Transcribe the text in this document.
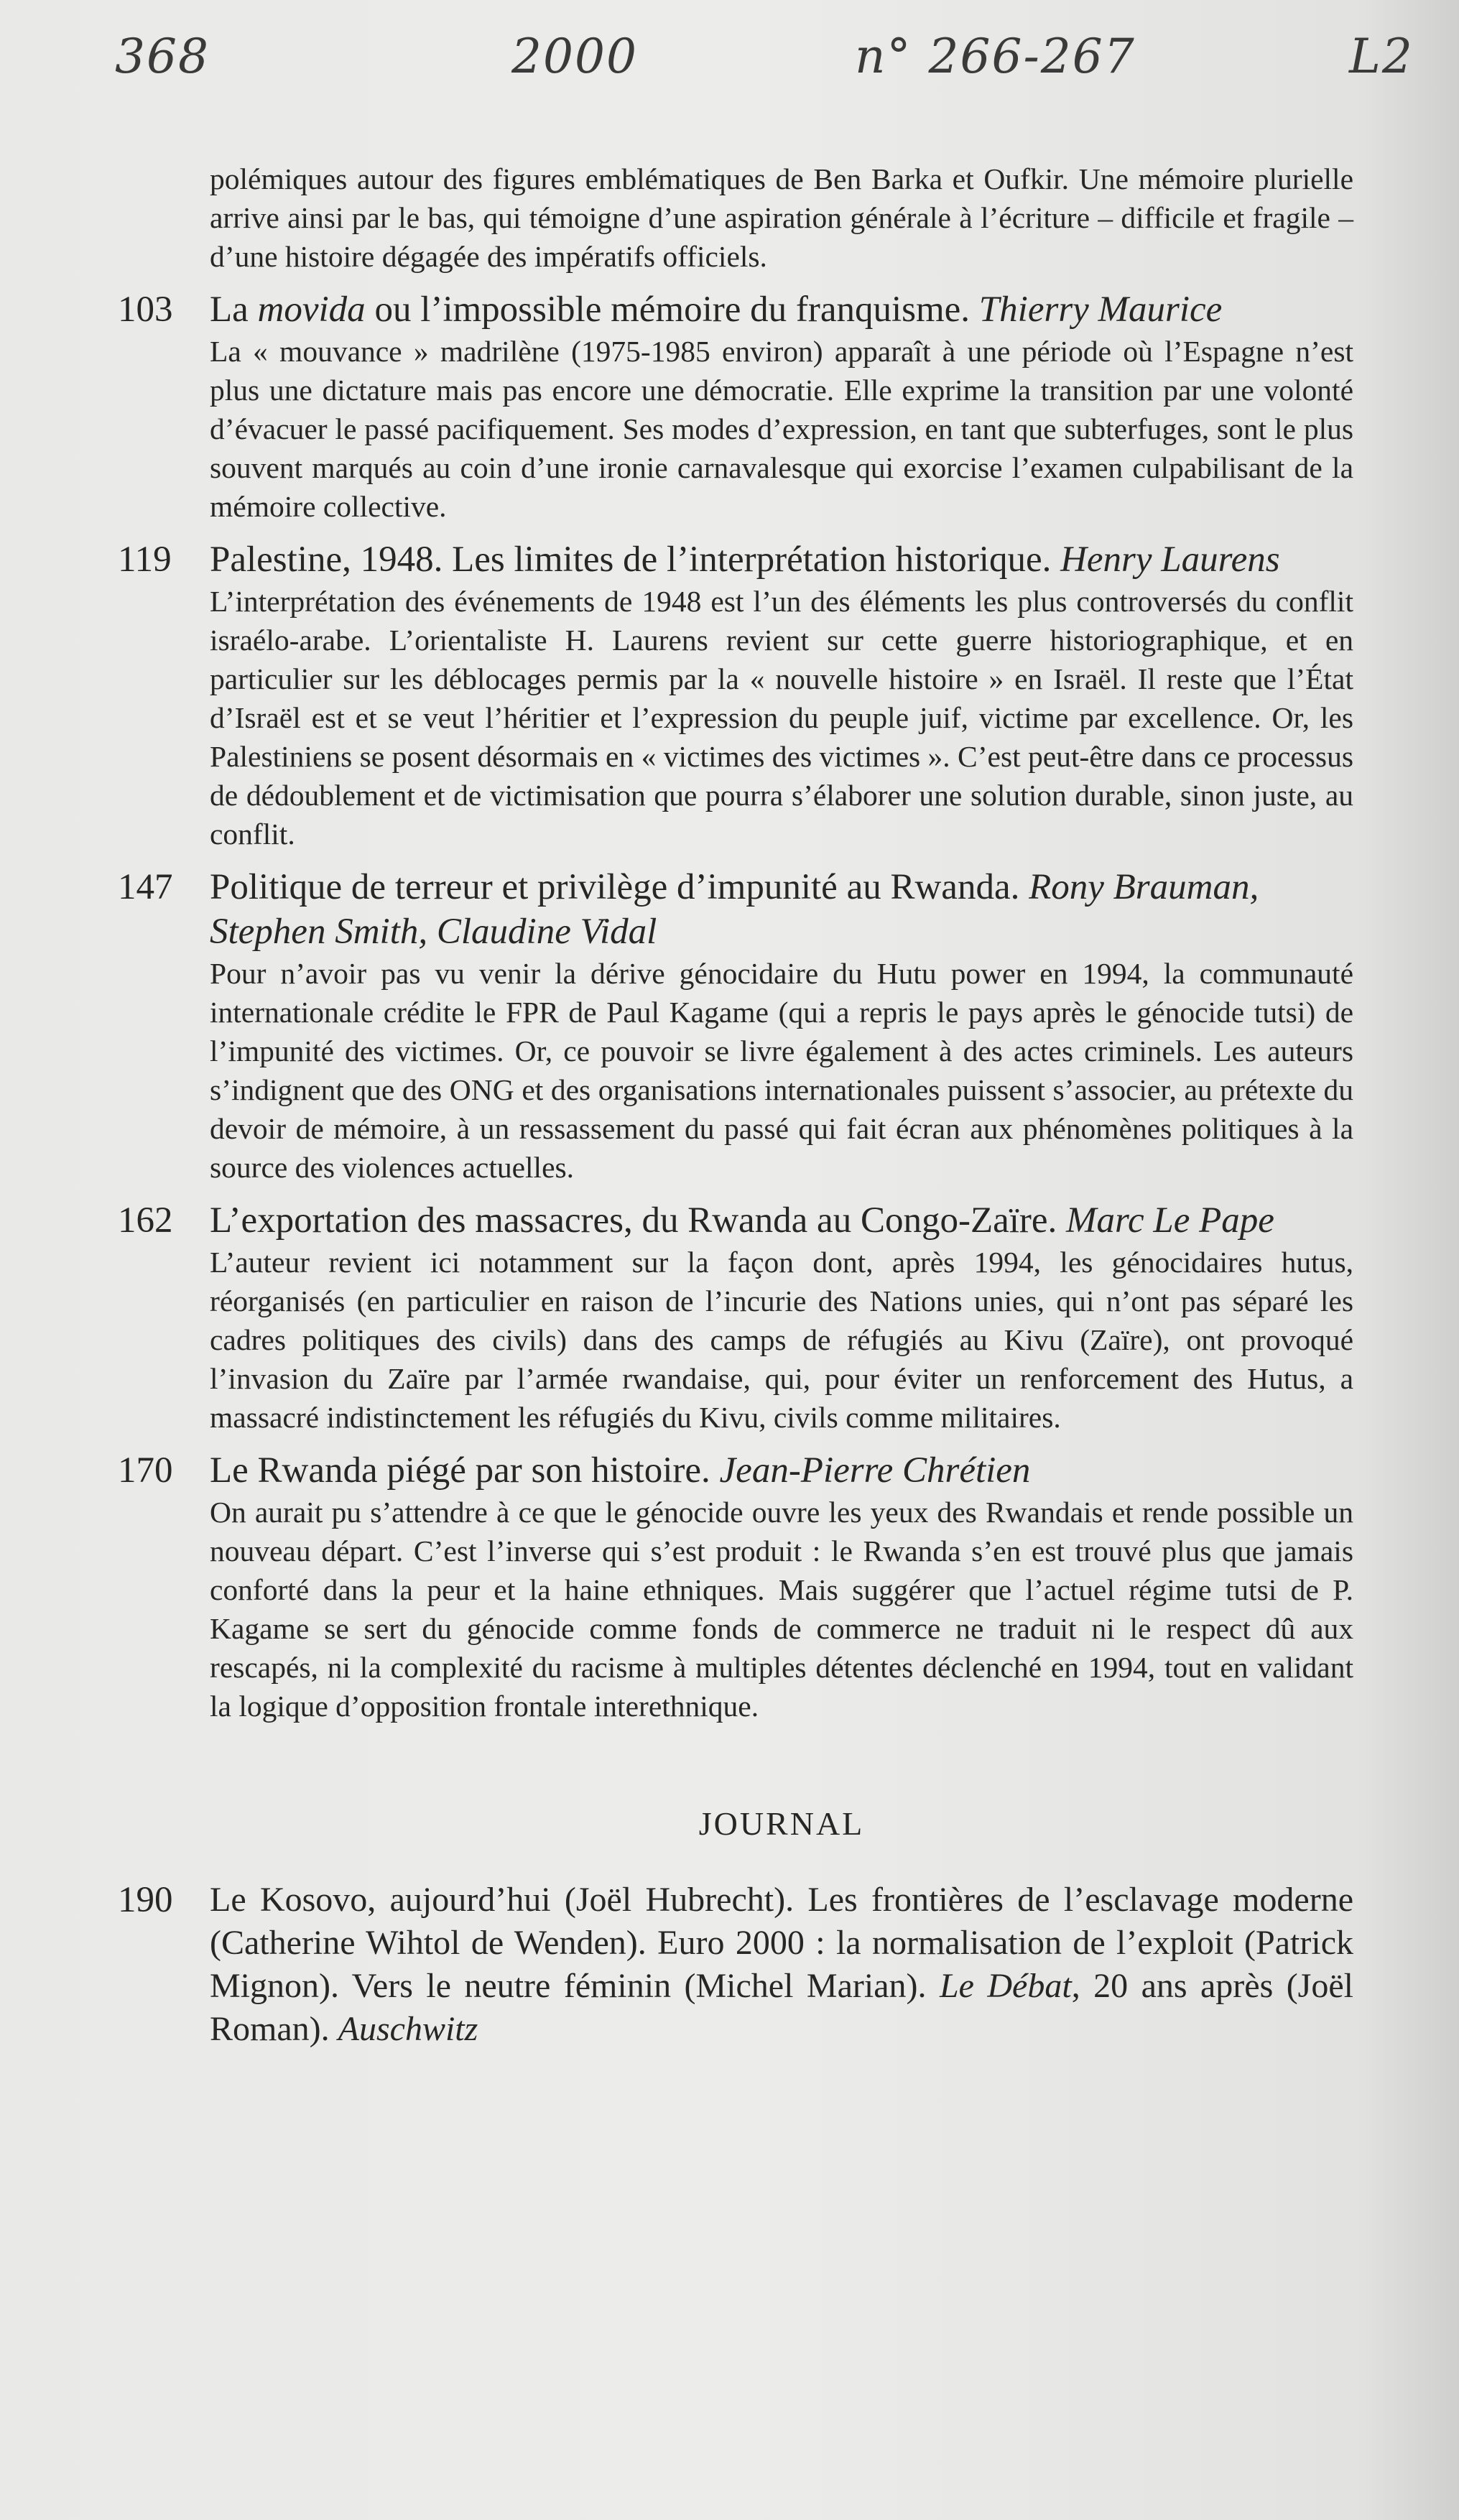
368	2000	n° 266-267	L2

polémiques autour des figures emblématiques de Ben Barka et Oufkir. Une mémoire plurielle arrive ainsi par le bas, qui témoigne d’une aspiration générale à l’écriture – difficile et fragile – d’une histoire dégagée des impératifs officiels.

103 La movida ou l’impossible mémoire du franquisme. Thierry Maurice
La « mouvance » madrilène (1975-1985 environ) apparaît à une période où l’Espagne n’est plus une dictature mais pas encore une démocratie. Elle exprime la transition par une volonté d’évacuer le passé pacifiquement. Ses modes d’expression, en tant que subterfuges, sont le plus souvent marqués au coin d’une ironie carnavalesque qui exorcise l’examen culpabilisant de la mémoire collective.
119 Palestine, 1948. Les limites de l’interprétation historique. Henry Laurens
L’interprétation des événements de 1948 est l’un des éléments les plus controversés du conflit israélo-arabe. L’orientaliste H. Laurens revient sur cette guerre historiographique, et en particulier sur les déblocages permis par la « nouvelle histoire » en Israël. Il reste que l’État d’Israël est et se veut l’héritier et l’expression du peuple juif, victime par excellence. Or, les Palestiniens se posent désormais en « victimes des victimes ». C’est peut-être dans ce processus de dédoublement et de victimisation que pourra s’élaborer une solution durable, sinon juste, au conflit.
147 Politique de terreur et privilège d’impunité au Rwanda. Rony Brauman, Stephen Smith, Claudine Vidal
Pour n’avoir pas vu venir la dérive génocidaire du Hutu power en 1994, la communauté internationale crédite le FPR de Paul Kagame (qui a repris le pays après le génocide tutsi) de l’impunité des victimes. Or, ce pouvoir se livre également à des actes criminels. Les auteurs s’indignent que des ONG et des organisations internationales puissent s’associer, au prétexte du devoir de mémoire, à un ressassement du passé qui fait écran aux phénomènes politiques à la source des violences actuelles.
162 L’exportation des massacres, du Rwanda au Congo-Zaïre. Marc Le Pape
L’auteur revient ici notamment sur la façon dont, après 1994, les génocidaires hutus, réorganisés (en particulier en raison de l’incurie des Nations unies, qui n’ont pas séparé les cadres politiques des civils) dans des camps de réfugiés au Kivu (Zaïre), ont provoqué l’invasion du Zaïre par l’armée rwandaise, qui, pour éviter un renforcement des Hutus, a massacré indistinctement les réfugiés du Kivu, civils comme militaires.
170 Le Rwanda piégé par son histoire. Jean-Pierre Chrétien
On aurait pu s’attendre à ce que le génocide ouvre les yeux des Rwandais et rende possible un nouveau départ. C’est l’inverse qui s’est produit : le Rwanda s’en est trouvé plus que jamais conforté dans la peur et la haine ethniques. Mais suggérer que l’actuel régime tutsi de P. Kagame se sert du génocide comme fonds de commerce ne traduit ni le respect dû aux rescapés, ni la complexité du racisme à multiples détentes déclenché en 1994, tout en validant la logique d’opposition frontale interethnique.
JOURNAL
190 Le Kosovo, aujourd’hui (Joël Hubrecht). Les frontières de l’esclavage moderne (Catherine Wihtol de Wenden). Euro 2000 : la normalisation de l’exploit (Patrick Mignon). Vers le neutre féminin (Michel Marian). Le Débat, 20 ans après (Joël Roman). Auschwitz
